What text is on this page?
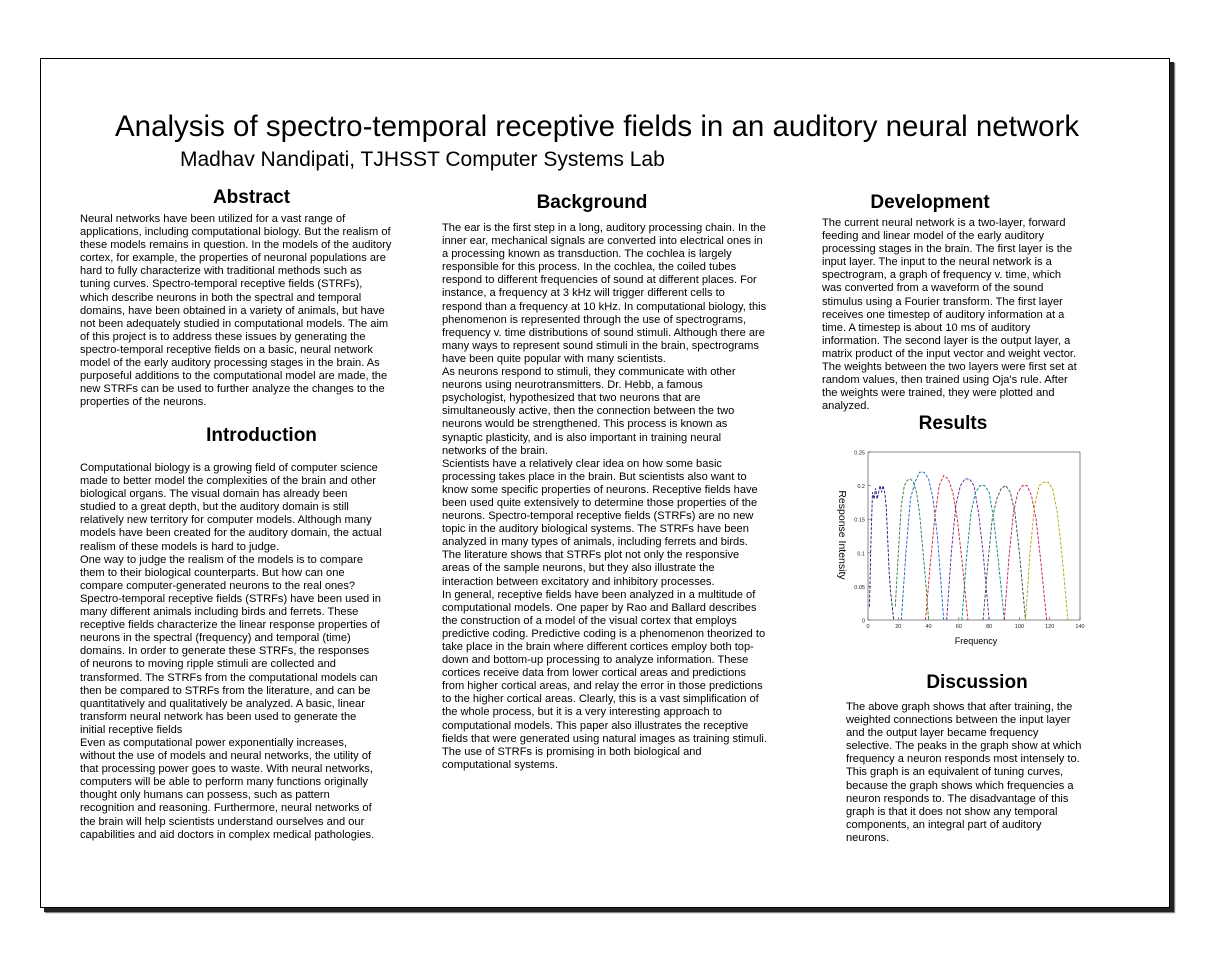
Analysis of spectro-temporal receptive fields in an auditory neural network
Madhav Nandipati, TJHSST Computer Systems Lab
Abstract
Neural networks have been utilized for a vast range of
applications, including computational biology. But the realism of
these models remains in question. In the models of the auditory
cortex, for example, the properties of neuronal populations are
hard to fully characterize with traditional methods such as
tuning curves. Spectro-temporal receptive fields (STRFs),
which describe neurons in both the spectral and temporal
domains, have been obtained in a variety of animals, but have
not been adequately studied in computational models. The aim
of this project is to address these issues by generating the
spectro-temporal receptive fields on a basic, neural network
model of the early auditory processing stages in the brain. As
purposeful additions to the computational model are made, the
new STRFs can be used to further analyze the changes to the
properties of the neurons.
Introduction
Computational biology is a growing field of computer science
made to better model the complexities of the brain and other
biological organs. The visual domain has already been
studied to a great depth, but the auditory domain is still
relatively new territory for computer models. Although many
models have been created for the auditory domain, the actual
realism of these models is hard to judge.
One way to judge the realism of the models is to compare
them to their biological counterparts. But how can one
compare computer-generated neurons to the real ones?
Spectro-temporal receptive fields (STRFs) have been used in
many different animals including birds and ferrets. These
receptive fields characterize the linear response properties of
neurons in the spectral (frequency) and temporal (time)
domains. In order to generate these STRFs, the responses
of neurons to moving ripple stimuli are collected and
transformed. The STRFs from the computational models can
then be compared to STRFs from the literature, and can be
quantitatively and qualitatively be analyzed. A basic, linear
transform neural network has been used to generate the
initial receptive fields
Even as computational power exponentially increases,
without the use of models and neural networks, the utility of
that processing power goes to waste. With neural networks,
computers will be able to perform many functions originally
thought only humans can possess, such as pattern
recognition and reasoning. Furthermore, neural networks of
the brain will help scientists understand ourselves and our
capabilities and aid doctors in complex medical pathologies.
Background
The ear is the first step in a long, auditory processing chain. In the
inner ear, mechanical signals are converted into electrical ones in
a processing known as transduction. The cochlea is largely
responsible for this process. In the cochlea, the coiled tubes
respond to different frequencies of sound at different places. For
instance, a frequency at 3 kHz will trigger different cells to
respond than a frequency at 10 kHz. In computational biology, this
phenomenon is represented through the use of spectrograms,
frequency v. time distributions of sound stimuli. Although there are
many ways to represent sound stimuli in the brain, spectrograms
have been quite popular with many scientists.
As neurons respond to stimuli, they communicate with other
neurons using neurotransmitters. Dr. Hebb, a famous
psychologist, hypothesized that two neurons that are
simultaneously active, then the connection between the two
neurons would be strengthened. This process is known as
synaptic plasticity, and is also important in training neural
networks of the brain.
Scientists have a relatively clear idea on how some basic
processing takes place in the brain. But scientists also want to
know some specific properties of neurons. Receptive fields have
been used quite extensively to determine those properties of the
neurons. Spectro-temporal receptive fields (STRFs) are no new
topic in the auditory biological systems. The STRFs have been
analyzed in many types of animals, including ferrets and birds.
The literature shows that STRFs plot not only the responsive
areas of the sample neurons, but they also illustrate the
interaction between excitatory and inhibitory processes.
In general, receptive fields have been analyzed in a multitude of
computational models. One paper by Rao and Ballard describes
the construction of a model of the visual cortex that employs
predictive coding. Predictive coding is a phenomenon theorized to
take place in the brain where different cortices employ both top-
down and bottom-up processing to analyze information. These
cortices receive data from lower cortical areas and predictions
from higher cortical areas, and relay the error in those predictions
to the higher cortical areas. Clearly, this is a vast simplification of
the whole process, but it is a very interesting approach to
computational models. This paper also illustrates the receptive
fields that were generated using natural images as training stimuli.
The use of STRFs is promising in both biological and
computational systems.
Development
The current neural network is a two-layer, forward
feeding and linear model of the early auditory
processing stages in the brain. The first layer is the
input layer. The input to the neural network is a
spectrogram, a graph of frequency v. time, which
was converted from a waveform of the sound
stimulus using a Fourier transform. The first layer
receives one timestep of auditory information at a
time. A timestep is about 10 ms of auditory
information. The second layer is the output layer, a
matrix product of the input vector and weight vector.
The weights between the two layers were first set at
random values, then trained using Oja's rule. After
the weights were trained, they were plotted and
analyzed.
Results
0
0.05
0.1
0.15
0.2
0.25
0	20	40	60	80	100	120	140
Response Intensity
Frequency
Discussion
The above graph shows that after training, the
weighted connections between the input layer
and the output layer became frequency
selective. The peaks in the graph show at which
frequency a neuron responds most intensely to.
This graph is an equivalent of tuning curves,
because the graph shows which frequencies a
neuron responds to. The disadvantage of this
graph is that it does not show any temporal
components, an integral part of auditory
neurons.
